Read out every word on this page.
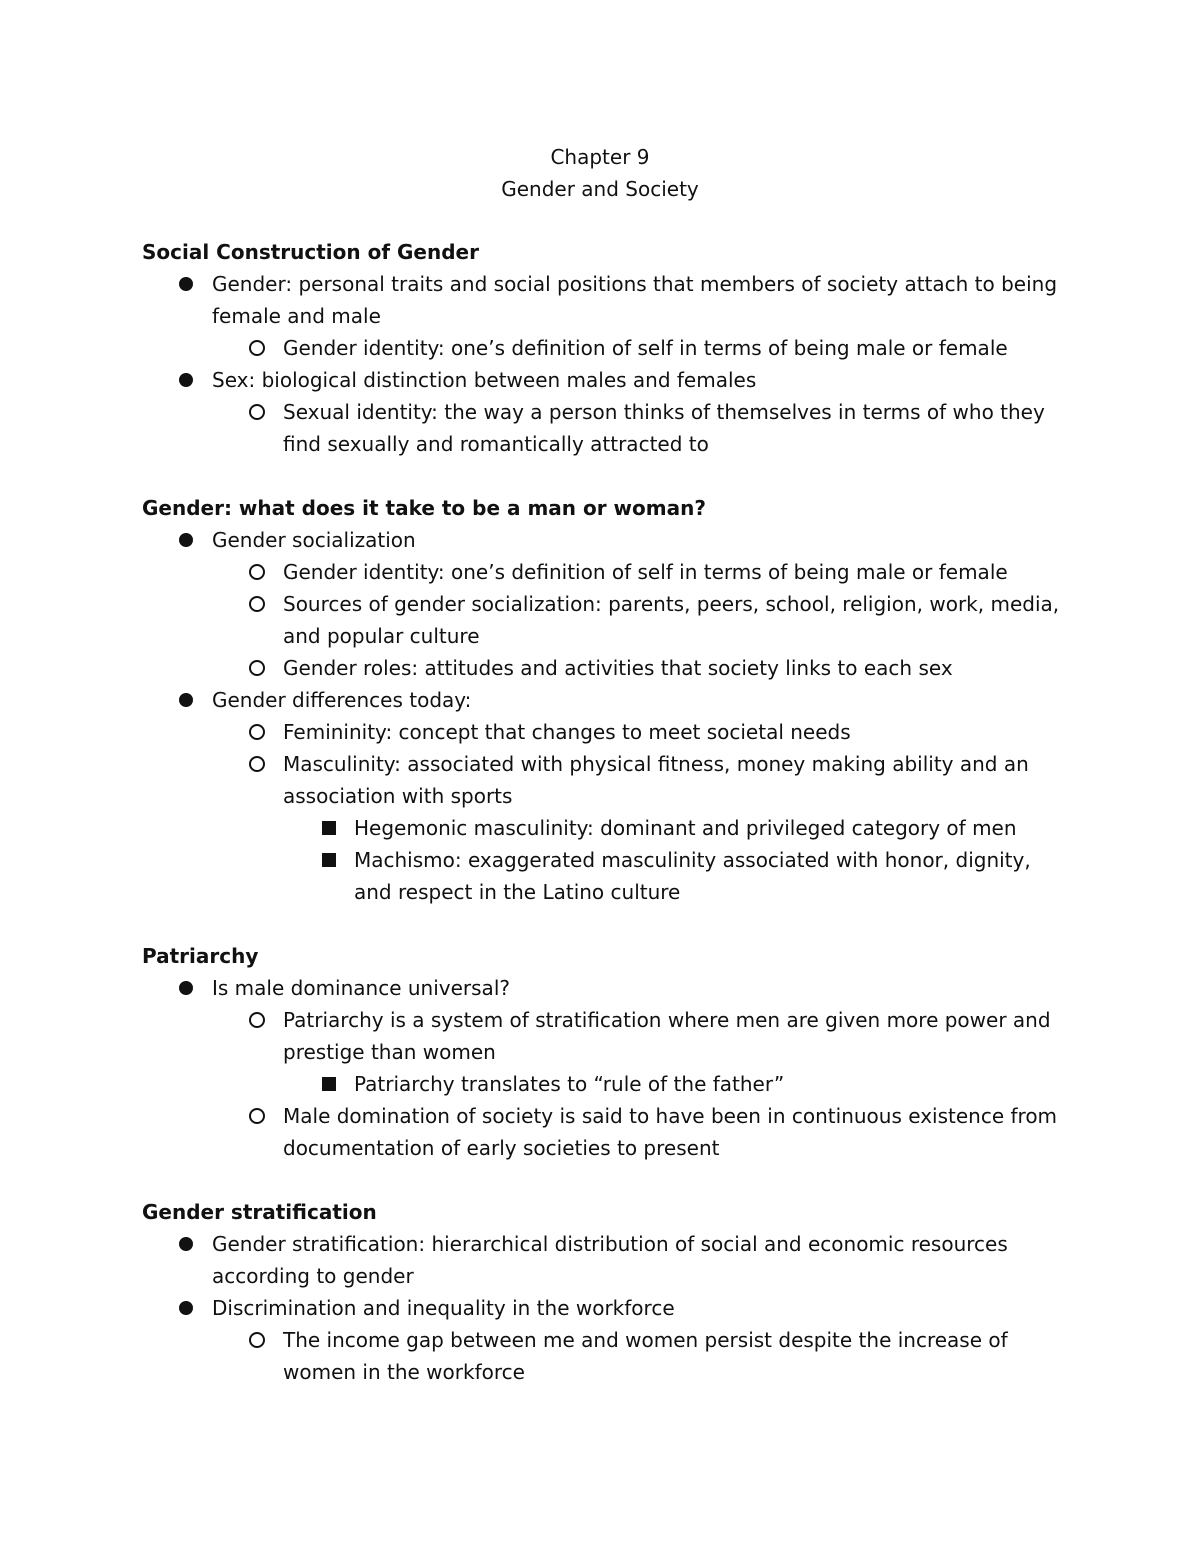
Chapter 9
Gender and Society
Social Construction of Gender
Gender: personal traits and social positions that members of society attach to being female and male
Gender identity: one’s definition of self in terms of being male or female
Sex: biological distinction between males and females
Sexual identity: the way a person thinks of themselves in terms of who they find sexually and romantically attracted to
Gender: what does it take to be a man or woman?
Gender socialization
Gender identity: one’s definition of self in terms of being male or female
Sources of gender socialization: parents, peers, school, religion, work, media, and popular culture
Gender roles: attitudes and activities that society links to each sex
Gender differences today:
Femininity: concept that changes to meet societal needs
Masculinity: associated with physical fitness, money making ability and an association with sports
Hegemonic masculinity: dominant and privileged category of men
Machismo: exaggerated masculinity associated with honor, dignity, and respect in the Latino culture
Patriarchy
Is male dominance universal?
Patriarchy is a system of stratification where men are given more power and prestige than women
Patriarchy translates to “rule of the father”
Male domination of society is said to have been in continuous existence from documentation of early societies to present
Gender stratification
Gender stratification: hierarchical distribution of social and economic resources according to gender
Discrimination and inequality in the workforce
The income gap between me and women persist despite the increase of women in the workforce
